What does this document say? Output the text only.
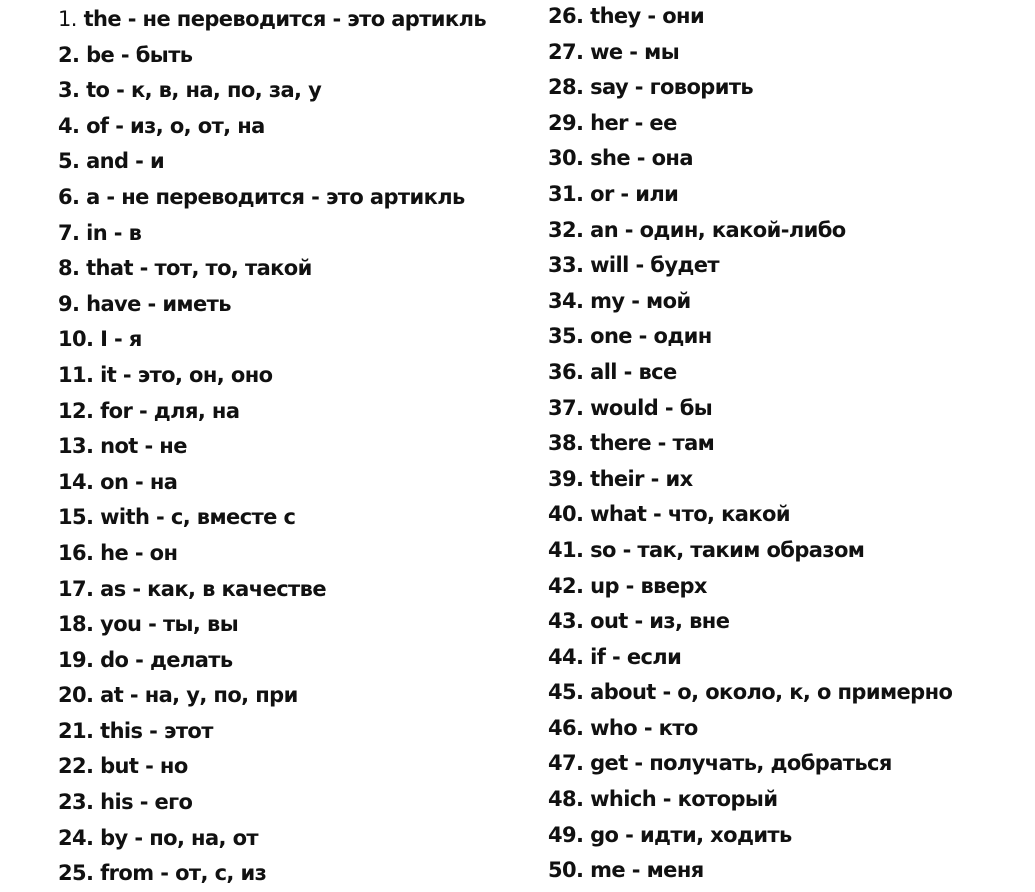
1. the - не переводится - это артикль
2. be - быть
3. to - к, в, на, по, за, у
4. of - из, о, от, на
5. and - и
6. a - не переводится - это артикль
7. in - в
8. that - тот, то, такой
9. have - иметь
10. I - я
11. it - это, он, оно
12. for - для, на
13. not - не
14. on - на
15. with - с, вместе с
16. he - он
17. as - как, в качестве
18. you - ты, вы
19. do - делать
20. at - на, у, по, при
21. this - этот
22. but - но
23. his - его
24. by - по, на, от
25. from - от, с, из
26. they - они
27. we - мы
28. say - говорить
29. her - ее
30. she - она
31. or - или
32. an - один, какой-либо
33. will - будет
34. my - мой
35. one - один
36. all - все
37. would - бы
38. there - там
39. their - их
40. what - что, какой
41. so - так, таким образом
42. up - вверх
43. out - из, вне
44. if - если
45. about - о, около, к, о примерно
46. who - кто
47. get - получать, добраться
48. which - который
49. go - идти, ходить
50. me - меня
